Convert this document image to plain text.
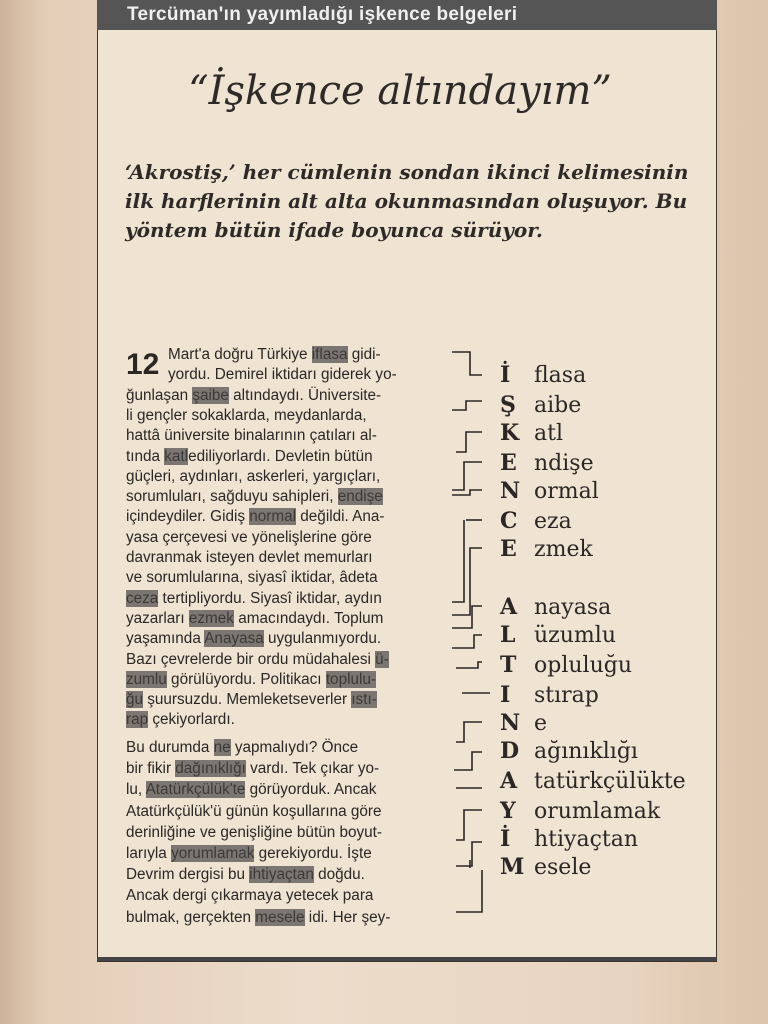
Tercüman'ın yayımladığı işkence belgeleri
“İşkence altındayım”
‘Akrostiş,’ her cümlenin sondan ikinci kelimesinin ilk harflerinin alt alta okunmasından oluşuyor. Bu yöntem bütün ifade boyunca sürüyor.
12 Mart'a doğru Türkiye iflasa gidi-
yordu. Demirel iktidarı giderek yo-
ğunlaşan şaibe altındaydı. Üniversite-
li gençler sokaklarda, meydanlarda,
hattâ üniversite binalarının çatıları al-
tında katlediliyorlardı. Devletin bütün
güçleri, aydınları, askerleri, yargıçları,
sorumluları, sağduyu sahipleri, endişe
içindeydiler. Gidiş normal değildi. Ana-
yasa çerçevesi ve yönelişlerine göre
davranmak isteyen devlet memurları
ve sorumlularına, siyasî iktidar, âdeta
ceza tertipliyordu. Siyasî iktidar, aydın
yazarları ezmek amacındaydı. Toplum
yaşamında Anayasa uygulanmıyordu.
Bazı çevrelerde bir ordu müdahalesi ü-
zumlu görülüyordu. Politikacı toplulu-
ğu şuursuzdu. Memleketseverler ıstı-
rap çekiyorlardı.
Bu durumda ne yapmalıydı? Önce
bir fikir dağınıklığı vardı. Tek çıkar yo-
lu, Atatürkçülük'te görüyorduk. Ancak
Atatürkçülük'ü günün koşullarına göre
derinliğine ve genişliğine bütün boyut-
larıyla yorumlamak gerekiyordu. İşte
Devrim dergisi bu ihtiyaçtan doğdu.
Ancak dergi çıkarmaya yetecek para
bulmak, gerçekten mesele idi. Her şey-
İ flasa
Ş aibe
K atl
E ndişe
N ormal
C eza
E zmek
A nayasa
L üzumlu
T opluluğu
I stırap
N e
D ağınıklığı
A tatürkçülükte
Y orumlamak
İ htiyaçtan
M esele
